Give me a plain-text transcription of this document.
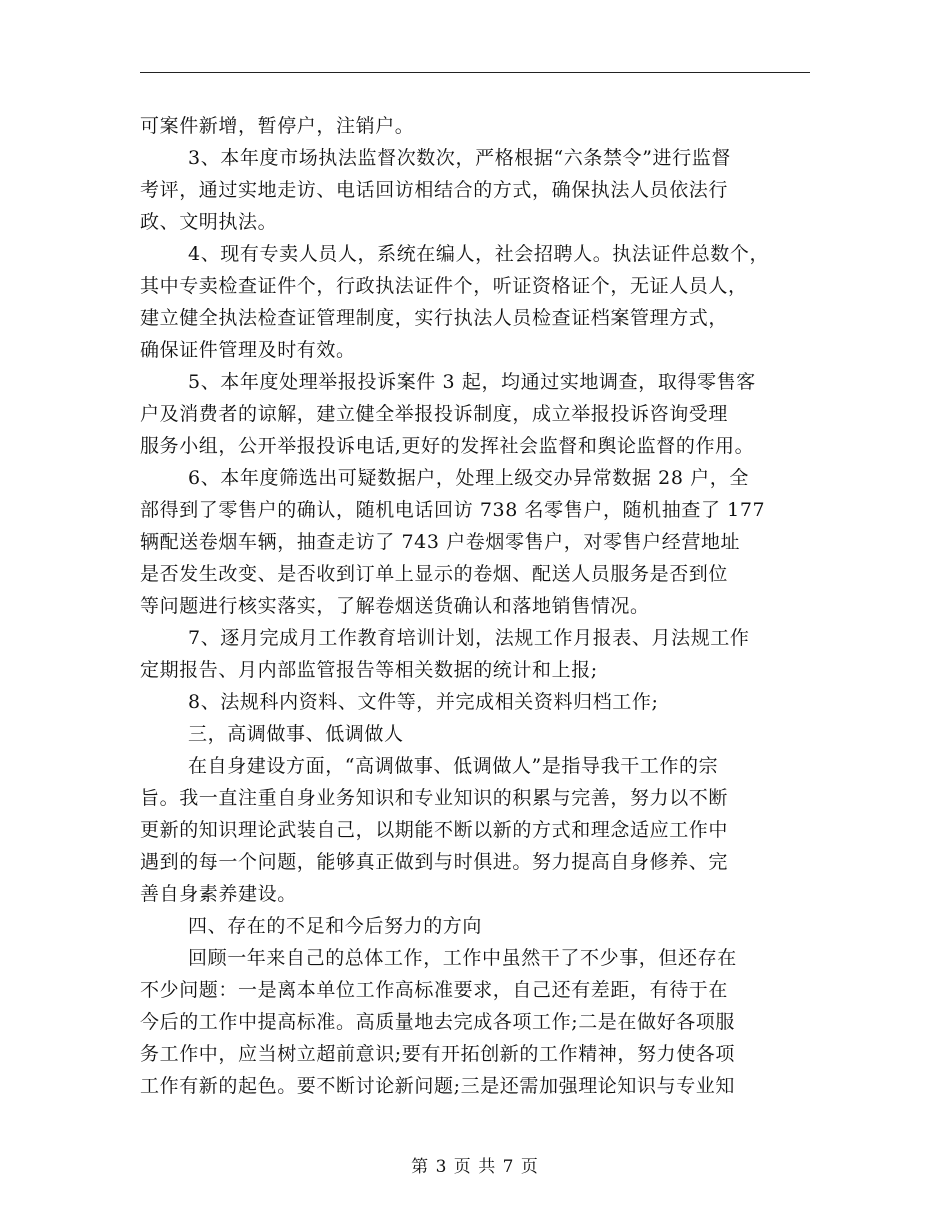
可案件新增，暂停户，注销户。
3、本年度市场执法监督次数次，严格根据“六条禁令”进行监督
考评，通过实地走访、电话回访相结合的方式，确保执法人员依法行
政、文明执法。
4、现有专卖人员人，系统在编人，社会招聘人。执法证件总数个，
其中专卖检查证件个，行政执法证件个，听证资格证个，无证人员人，
建立健全执法检查证管理制度，实行执法人员检查证档案管理方式，
确保证件管理及时有效。
5、本年度处理举报投诉案件 3 起，均通过实地调查，取得零售客
户及消费者的谅解，建立健全举报投诉制度，成立举报投诉咨询受理
服务小组，公开举报投诉电话,更好的发挥社会监督和舆论监督的作用。
6、本年度筛选出可疑数据户，处理上级交办异常数据 28 户，全
部得到了零售户的确认，随机电话回访 738 名零售户，随机抽查了 177
辆配送卷烟车辆，抽查走访了 743 户卷烟零售户，对零售户经营地址
是否发生改变、是否收到订单上显示的卷烟、配送人员服务是否到位
等问题进行核实落实，了解卷烟送货确认和落地销售情况。
7、逐月完成月工作教育培训计划，法规工作月报表、月法规工作
定期报告、月内部监管报告等相关数据的统计和上报;
8、法规科内资料、文件等，并完成相关资料归档工作;
三，高调做事、低调做人
在自身建设方面，“高调做事、低调做人”是指导我干工作的宗
旨。我一直注重自身业务知识和专业知识的积累与完善，努力以不断
更新的知识理论武装自己，以期能不断以新的方式和理念适应工作中
遇到的每一个问题，能够真正做到与时俱进。努力提高自身修养、完
善自身素养建设。
四、存在的不足和今后努力的方向
回顾一年来自己的总体工作，工作中虽然干了不少事，但还存在
不少问题：一是离本单位工作高标准要求，自己还有差距，有待于在
今后的工作中提高标准。高质量地去完成各项工作;二是在做好各项服
务工作中，应当树立超前意识;要有开拓创新的工作精神，努力使各项
工作有新的起色。要不断讨论新问题;三是还需加强理论知识与专业知
第 3 页 共 7 页
